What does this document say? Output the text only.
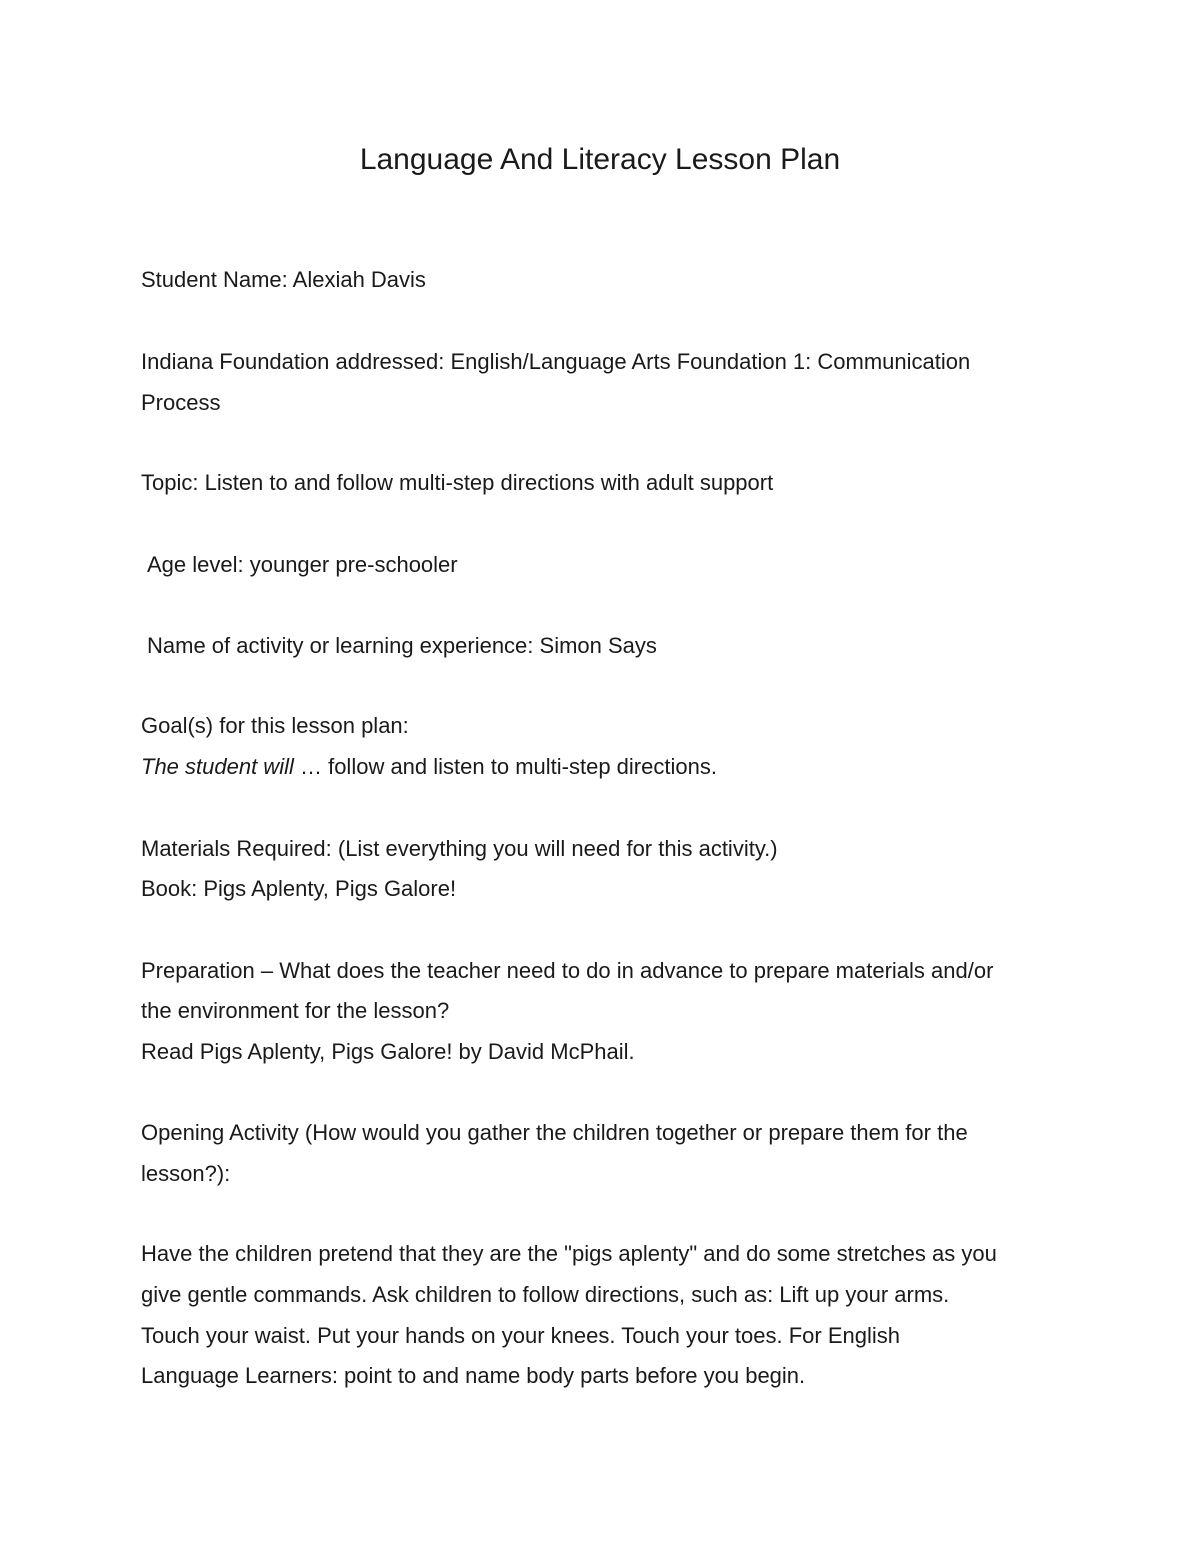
Language And Literacy Lesson Plan
Student Name: Alexiah Davis
Indiana Foundation addressed: English/Language Arts Foundation 1: Communication
Process
Topic: Listen to and follow multi-step directions with adult support
Age level: younger pre-schooler
Name of activity or learning experience: Simon Says
Goal(s) for this lesson plan:
The student will … follow and listen to multi-step directions.
Materials Required: (List everything you will need for this activity.)
Book: Pigs Aplenty, Pigs Galore!
Preparation – What does the teacher need to do in advance to prepare materials and/or
the environment for the lesson?
Read Pigs Aplenty, Pigs Galore! by David McPhail.
Opening Activity (How would you gather the children together or prepare them for the
lesson?):
Have the children pretend that they are the "pigs aplenty" and do some stretches as you
give gentle commands. Ask children to follow directions, such as: Lift up your arms.
Touch your waist. Put your hands on your knees. Touch your toes. For English
Language Learners: point to and name body parts before you begin.
